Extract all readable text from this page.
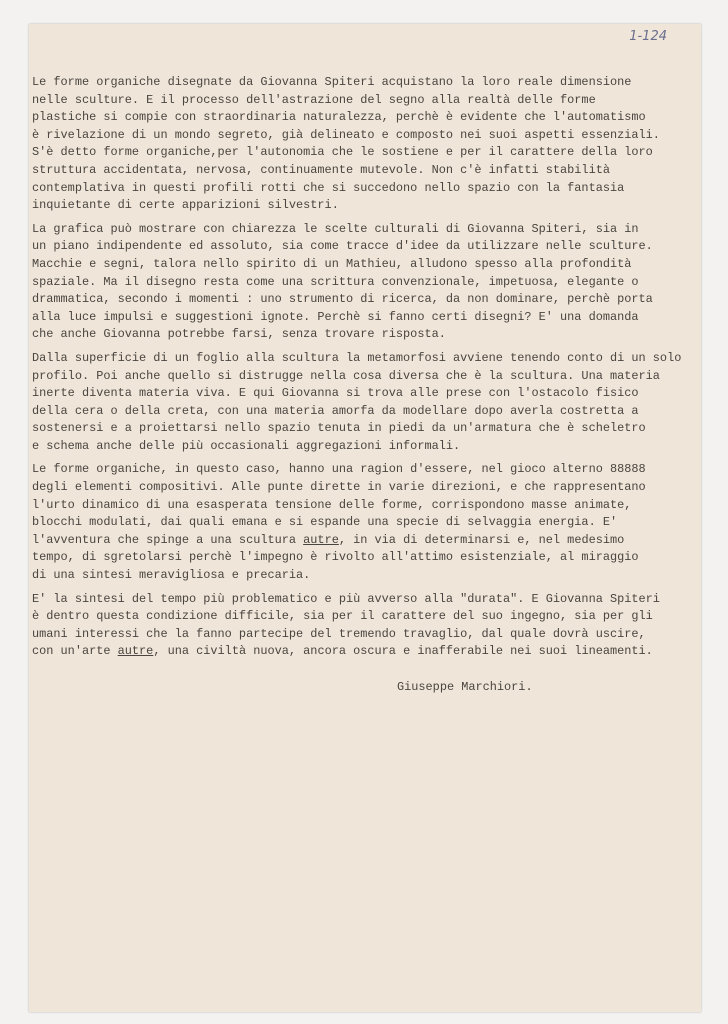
1-124
Le forme organiche disegnate da Giovanna Spiteri acquistano la loro reale dimensione
nelle sculture. E il processo dell'astrazione del segno alla realtà delle forme
plastiche si compie con straordinaria naturalezza, perchè è evidente che l'automatismo
è rivelazione di un mondo segreto, già delineato e composto nei suoi aspetti essenziali.
S'è detto forme organiche,per l'autonomia che le sostiene e per il carattere della loro
struttura accidentata, nervosa, continuamente mutevole. Non c'è infatti stabilità
contemplativa in questi profili rotti che si succedono nello spazio con la fantasia
inquietante di certe apparizioni silvestri.
La grafica può mostrare con chiarezza le scelte culturali di Giovanna Spiteri, sia in
un piano indipendente ed assoluto, sia come tracce d'idee da utilizzare nelle sculture.
Macchie e segni, talora nello spirito di un Mathieu, alludono spesso alla profondità
spaziale. Ma il disegno resta come una scrittura convenzionale, impetuosa, elegante o
drammatica, secondo i momenti : uno strumento di ricerca, da non dominare, perchè porta
alla luce impulsi e suggestioni ignote. Perchè si fanno certi disegni? E' una domanda
che anche Giovanna potrebbe farsi, senza trovare risposta.
Dalla superficie di un foglio alla scultura la metamorfosi avviene tenendo conto di un solo
profilo. Poi anche quello si distrugge nella cosa diversa che è la scultura. Una materia
inerte diventa materia viva. E qui Giovanna si trova alle prese con l'ostacolo fisico
della cera o della creta, con una materia amorfa da modellare dopo averla costretta a
sostenersi e a proiettarsi nello spazio tenuta in piedi da un'armatura che è scheletro
e schema anche delle più occasionali aggregazioni informali.
Le forme organiche, in questo caso, hanno una ragion d'essere, nel gioco alterno 88888
degli elementi compositivi. Alle punte dirette in varie direzioni, e che rappresentano
l'urto dinamico di una esasperata tensione delle forme, corrispondono masse animate,
blocchi modulati, dai quali emana e si espande una specie di selvaggia energia. E'
l'avventura che spinge a una scultura autre, in via di determinarsi e, nel medesimo
tempo, di sgretolarsi perchè l'impegno è rivolto all'attimo esistenziale, al miraggio
di una sintesi meravigliosa e precaria.
E' la sintesi del tempo più problematico e più avverso alla "durata". E Giovanna Spiteri
è dentro questa condizione difficile, sia per il carattere del suo ingegno, sia per gli
umani interessi che la fanno partecipe del tremendo travaglio, dal quale dovrà uscire,
con un'arte autre, una civiltà nuova, ancora oscura e inafferabile nei suoi lineamenti.
Giuseppe Marchiori.
